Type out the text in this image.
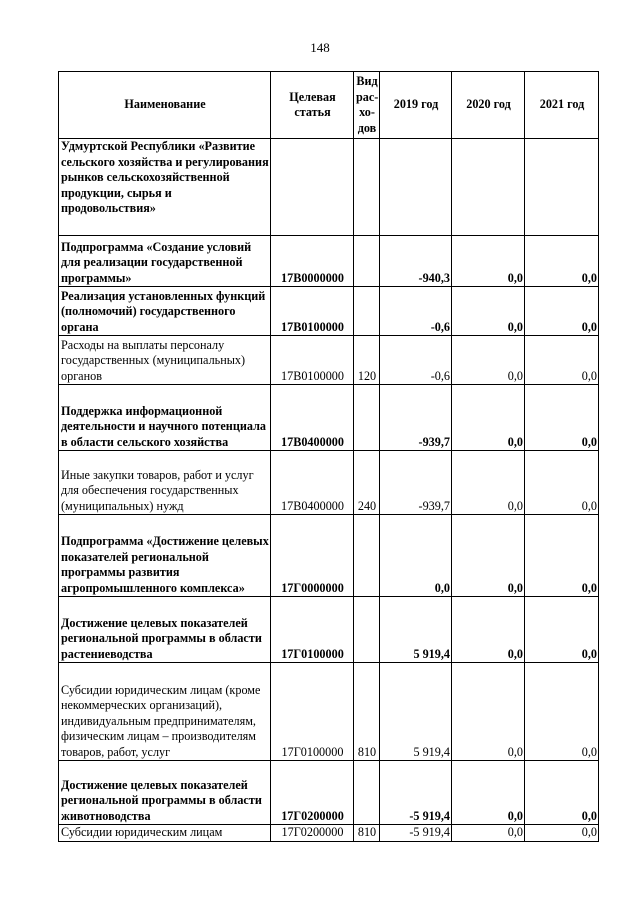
148
Наименование	Целевая статья	Вид рас-хо-дов	2019 год	2020 год	2021 год
Удмуртской Республики «Развитие сельского хозяйства и регулирования рынков сельскохозяйственной продукции, сырья и продовольствия»					
Подпрограмма «Создание условий для реализации государственной программы»	17В0000000		-940,3	0,0	0,0
Реализация установленных функций (полномочий) государственного органа	17В0100000		-0,6	0,0	0,0
Расходы на выплаты персоналу государственных (муниципальных) органов	17В0100000	120	-0,6	0,0	0,0
Поддержка информационной деятельности и научного потенциала в области сельского хозяйства	17В0400000		-939,7	0,0	0,0
Иные закупки товаров, работ и услуг для обеспечения государственных (муниципальных) нужд	17В0400000	240	-939,7	0,0	0,0
Подпрограмма «Достижение целевых показателей региональной программы развития агропромышленного комплекса»	17Г0000000		0,0	0,0	0,0
Достижение целевых показателей региональной программы в области растениеводства	17Г0100000		5 919,4	0,0	0,0
Субсидии юридическим лицам (кроме некоммерческих организаций), индивидуальным предпринимателям, физическим лицам – производителям товаров, работ, услуг	17Г0100000	810	5 919,4	0,0	0,0
Достижение целевых показателей региональной программы в области животноводства	17Г0200000		-5 919,4	0,0	0,0
Субсидии юридическим лицам	17Г0200000	810	-5 919,4	0,0	0,0
